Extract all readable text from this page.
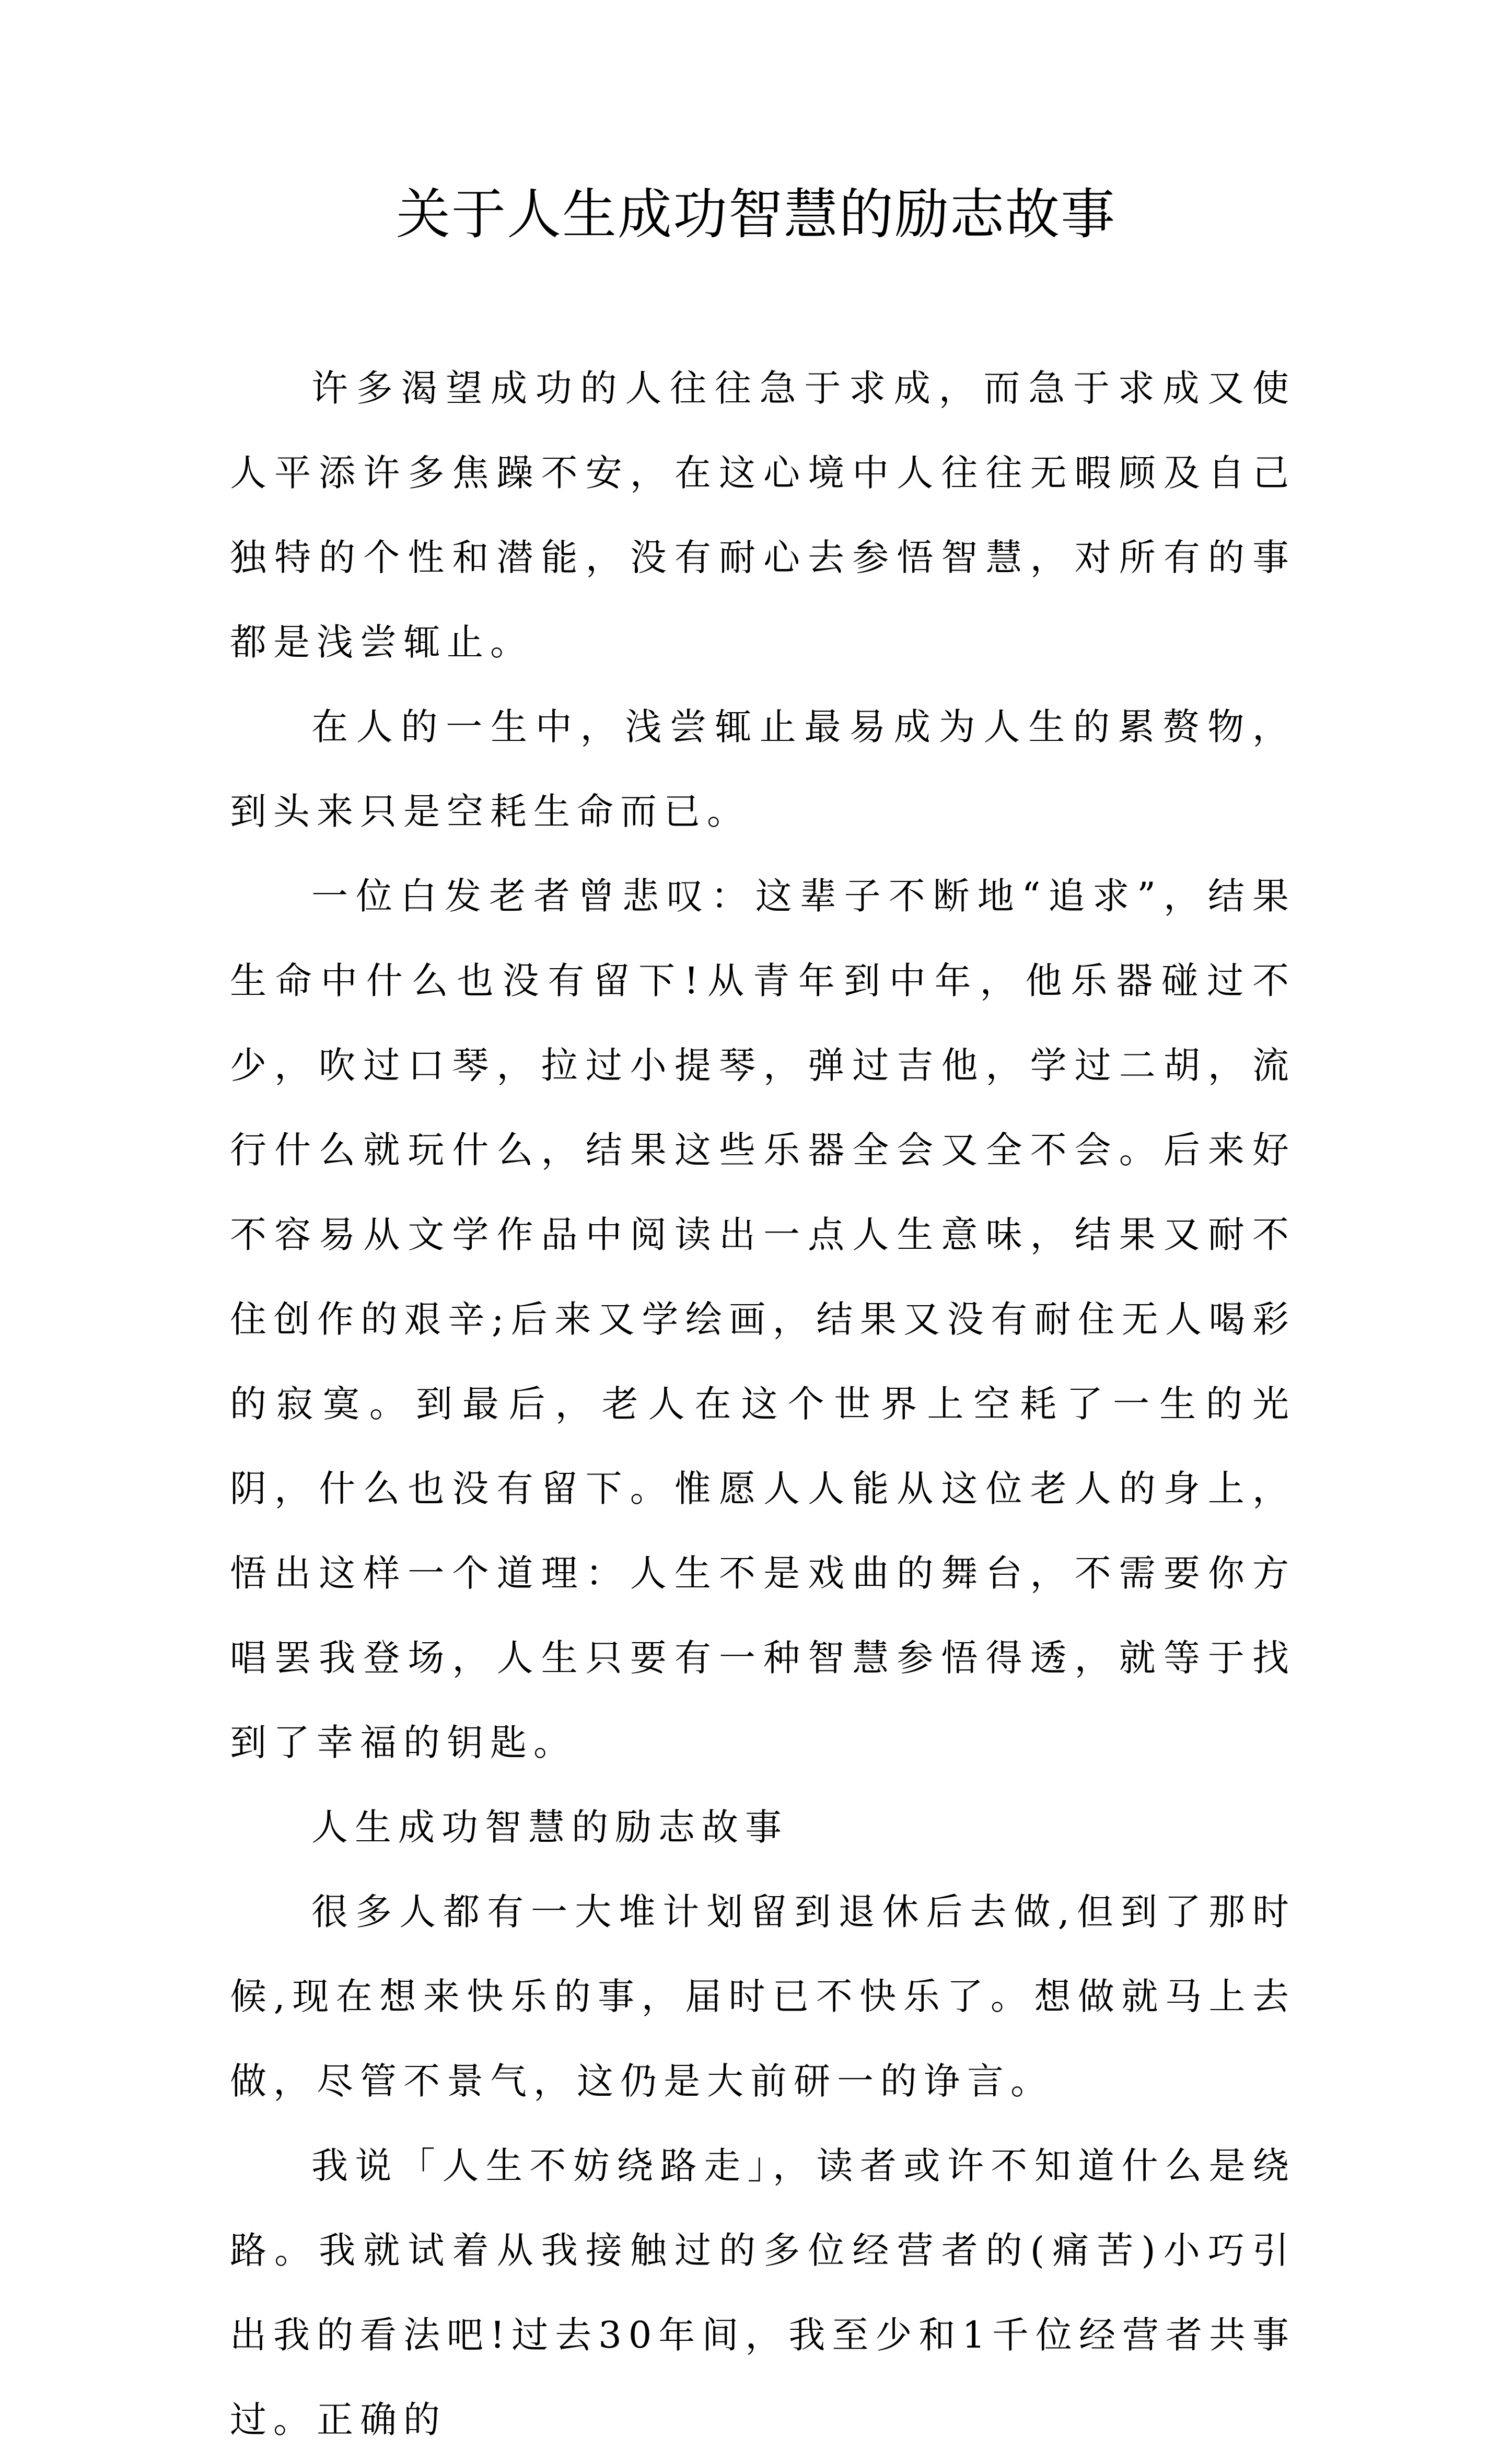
关于人生成功智慧的励志故事

许多渴望成功的人往往急于求成，而急于求成又使人平添许多焦躁不安，在这心境中人往往无暇顾及自己独特的个性和潜能，没有耐心去参悟智慧，对所有的事都是浅尝辄止。

在人的一生中，浅尝辄止最易成为人生的累赘物，到头来只是空耗生命而已。

一位白发老者曾悲叹：这辈子不断地“追求”，结果生命中什么也没有留下!从青年到中年，他乐器碰过不少，吹过口琴，拉过小提琴，弹过吉他，学过二胡，流行什么就玩什么，结果这些乐器全会又全不会。后来好不容易从文学作品中阅读出一点人生意味，结果又耐不住创作的艰辛;后来又学绘画，结果又没有耐住无人喝彩的寂寞。到最后，老人在这个世界上空耗了一生的光阴，什么也没有留下。惟愿人人能从这位老人的身上，悟出这样一个道理：人生不是戏曲的舞台，不需要你方唱罢我登场，人生只要有一种智慧参悟得透，就等于找到了幸福的钥匙。

人生成功智慧的励志故事

很多人都有一大堆计划留到退休后去做,但到了那时候,现在想来快乐的事，届时已不快乐了。想做就马上去做，尽管不景气，这仍是大前研一的诤言。

我说「人生不妨绕路走」，读者或许不知道什么是绕路。我就试着从我接触过的多位经营者的(痛苦)小巧引出我的看法吧!过去30年间，我至少和1千位经营者共事过。正确的
